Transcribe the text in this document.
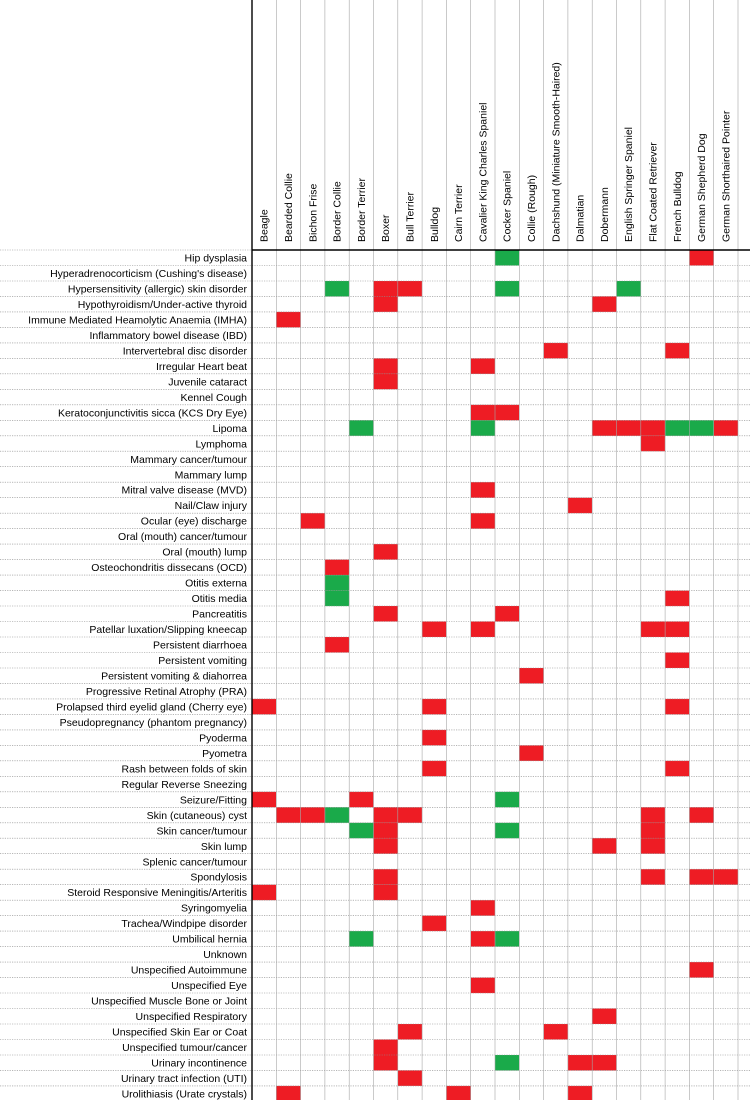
Beagle Bearded Collie Bichon Frise Border Collie Border Terrier Boxer Bull Terrier Bulldog Cairn Terrier Cavalier King Charles Spaniel Cocker Spaniel Collie (Rough) Dachshund (Miniature Smooth-Haired) Dalmatian Dobermann English Springer Spaniel Flat Coated Retriever French Bulldog German Shepherd Dog German Shorthaired Pointer
Hip dysplasia
Hyperadrenocorticism (Cushing's disease)
Hypersensitivity (allergic) skin disorder
Hypothyroidism/Under-active thyroid
Immune Mediated Heamolytic Anaemia (IMHA)
Inflammatory bowel disease (IBD)
Intervertebral disc disorder
Irregular Heart beat
Juvenile cataract
Kennel Cough
Keratoconjunctivitis sicca (KCS Dry Eye)
Lipoma
Lymphoma
Mammary cancer/tumour
Mammary lump
Mitral valve disease (MVD)
Nail/Claw injury
Ocular (eye) discharge
Oral (mouth) cancer/tumour
Oral (mouth) lump
Osteochondritis dissecans (OCD)
Otitis externa
Otitis media
Pancreatitis
Patellar luxation/Slipping kneecap
Persistent diarrhoea
Persistent vomiting
Persistent vomiting & diahorrea
Progressive Retinal Atrophy (PRA)
Prolapsed third eyelid gland (Cherry eye)
Pseudopregnancy (phantom pregnancy)
Pyoderma
Pyometra
Rash between folds of skin
Regular Reverse Sneezing
Seizure/Fitting
Skin (cutaneous) cyst
Skin cancer/tumour
Skin lump
Splenic cancer/tumour
Spondylosis
Steroid Responsive Meningitis/Arteritis
Syringomyelia
Trachea/Windpipe disorder
Umbilical hernia
Unknown
Unspecified Autoimmune
Unspecified Eye
Unspecified Muscle Bone or Joint
Unspecified Respiratory
Unspecified Skin Ear or Coat
Unspecified tumour/cancer
Urinary incontinence
Urinary tract infection (UTI)
Urolithiasis (Urate crystals)
